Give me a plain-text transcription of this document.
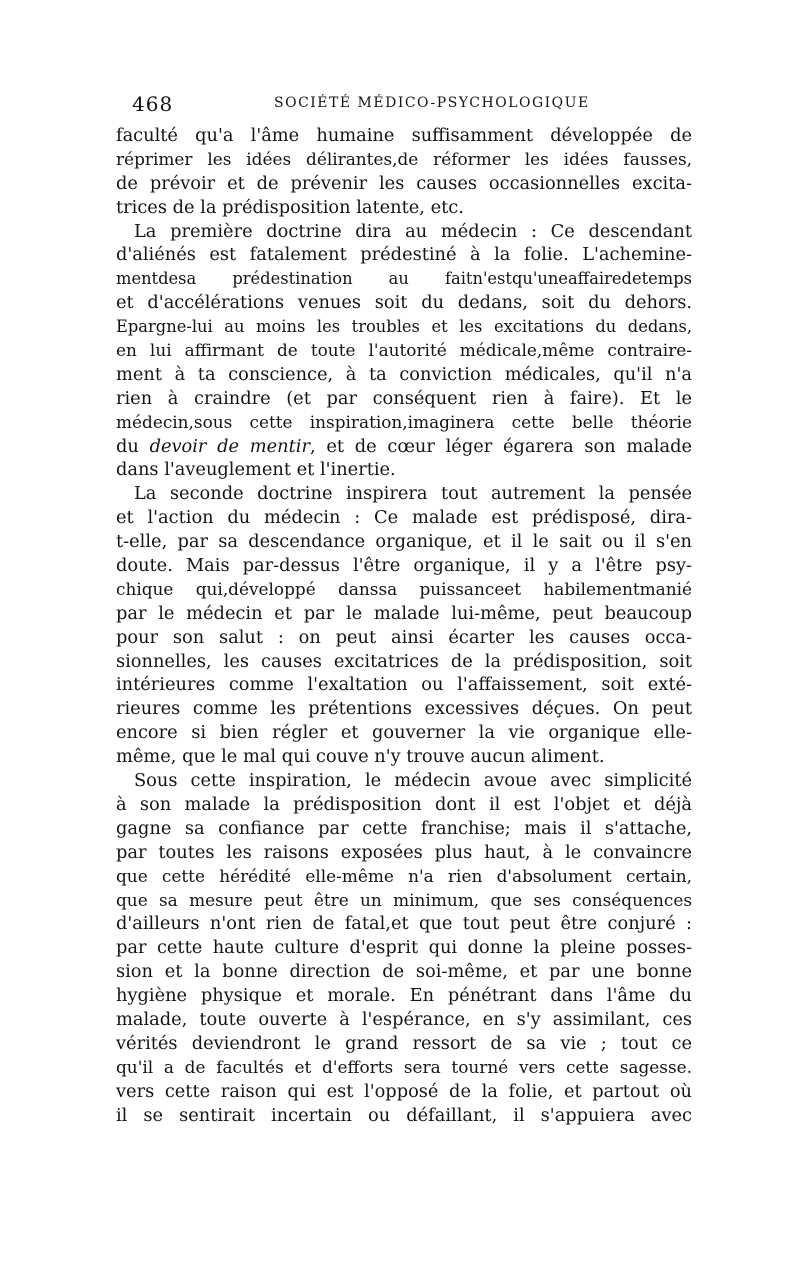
468	SOCIÉTÉ MÉDICO-PSYCHOLOGIQUE
faculté qu'a l'âme humaine suffisamment développée de
réprimer les idées délirantes,de réformer les idées fausses,
de prévoir et de prévenir les causes occasionnelles excita-
trices de la prédisposition latente, etc.
La première doctrine dira au médecin : Ce descendant
d'aliénés est fatalement prédestiné à la folie. L'achemine-
mentdesa prédestination au faitn'estqu'uneaffairedetemps
et d'accélérations venues soit du dedans, soit du dehors.
Epargne-lui au moins les troubles et les excitations du dedans,
en lui affirmant de toute l'autorité médicale,même contraire-
ment à ta conscience, à ta conviction médicales, qu'il n'a
rien à craindre (et par conséquent rien à faire). Et le
médecin,sous cette inspiration,imaginera cette belle théorie
du devoir de mentir, et de cœur léger égarera son malade
dans l'aveuglement et l'inertie.
La seconde doctrine inspirera tout autrement la pensée
et l'action du médecin : Ce malade est prédisposé, dira-
t-elle, par sa descendance organique, et il le sait ou il s'en
doute. Mais par-dessus l'être organique, il y a l'être psy-
chique qui,développé danssa puissanceet habilementmanié
par le médecin et par le malade lui-même, peut beaucoup
pour son salut : on peut ainsi écarter les causes occa-
sionnelles, les causes excitatrices de la prédisposition, soit
intérieures comme l'exaltation ou l'affaissement, soit exté-
rieures comme les prétentions excessives déçues. On peut
encore si bien régler et gouverner la vie organique elle-
même, que le mal qui couve n'y trouve aucun aliment.
Sous cette inspiration, le médecin avoue avec simplicité
à son malade la prédisposition dont il est l'objet et déjà
gagne sa confiance par cette franchise; mais il s'attache,
par toutes les raisons exposées plus haut, à le convaincre
que cette hérédité elle-même n'a rien d'absolument certain,
que sa mesure peut être un minimum, que ses conséquences
d'ailleurs n'ont rien de fatal,et que tout peut être conjuré :
par cette haute culture d'esprit qui donne la pleine posses-
sion et la bonne direction de soi-même, et par une bonne
hygiène physique et morale. En pénétrant dans l'âme du
malade, toute ouverte à l'espérance, en s'y assimilant, ces
vérités deviendront le grand ressort de sa vie ; tout ce
qu'il a de facultés et d'efforts sera tourné vers cette sagesse.
vers cette raison qui est l'opposé de la folie, et partout où
il se sentirait incertain ou défaillant, il s'appuiera avec
